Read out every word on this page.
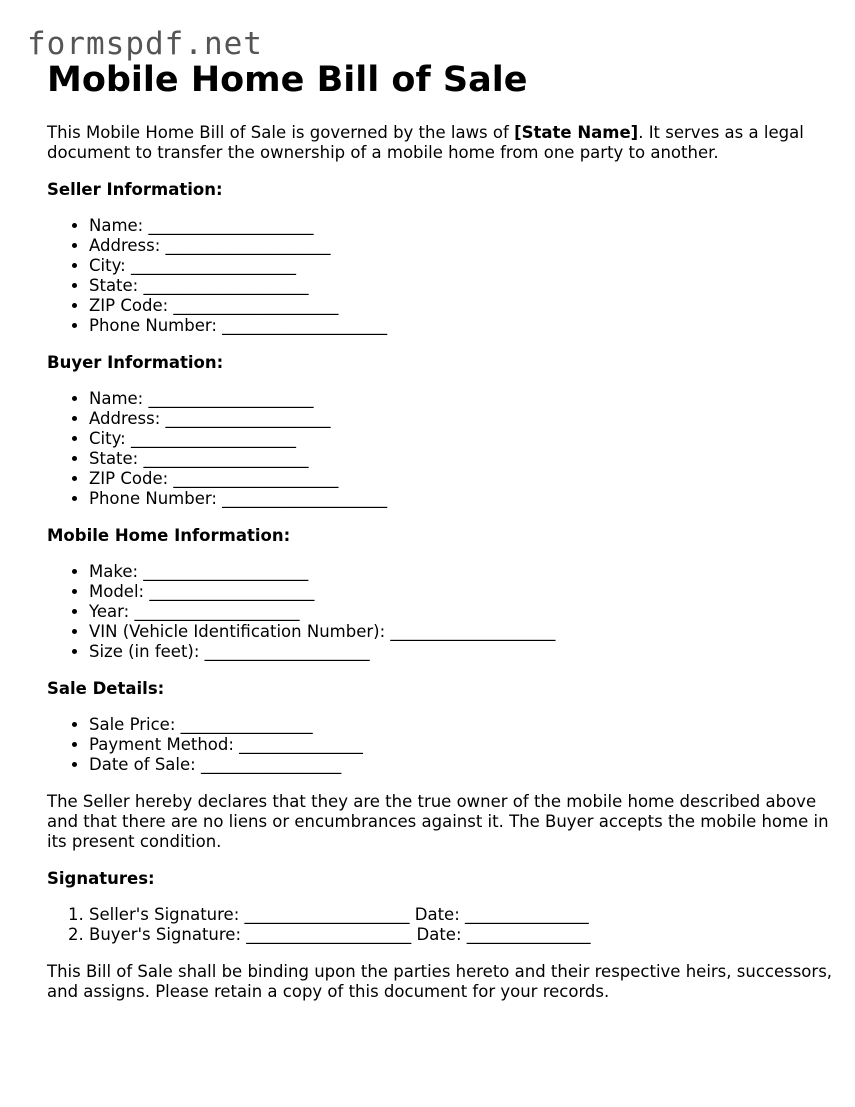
formspdf.net
Mobile Home Bill of Sale

This Mobile Home Bill of Sale is governed by the laws of [State Name]. It serves as a legal document to transfer the ownership of a mobile home from one party to another.

Seller Information:
• Name: ____________________
• Address: ____________________
• City: ____________________
• State: ____________________
• ZIP Code: ____________________
• Phone Number: ____________________
Buyer Information:
• Name: ____________________
• Address: ____________________
• City: ____________________
• State: ____________________
• ZIP Code: ____________________
• Phone Number: ____________________
Mobile Home Information:
• Make: ____________________
• Model: ____________________
• Year: ____________________
• VIN (Vehicle Identification Number): ____________________
• Size (in feet): ____________________
Sale Details:
• Sale Price: ________________
• Payment Method: _______________
• Date of Sale: _________________

The Seller hereby declares that they are the true owner of the mobile home described above and that there are no liens or encumbrances against it. The Buyer accepts the mobile home in its present condition.

Signatures:
1. Seller's Signature: ____________________ Date: _______________
2. Buyer's Signature: ____________________ Date: _______________

This Bill of Sale shall be binding upon the parties hereto and their respective heirs, successors, and assigns. Please retain a copy of this document for your records.
